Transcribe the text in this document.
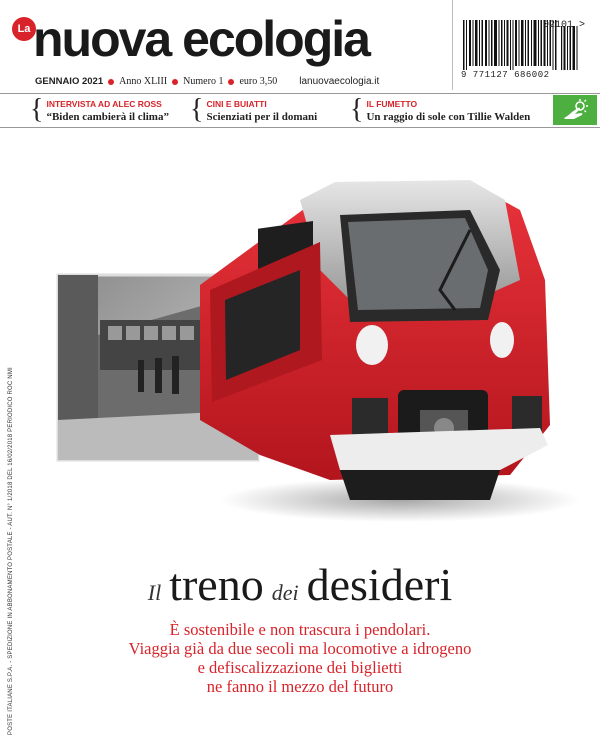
La nuova ecologia
GENNAIO 2021 Anno XLIII Numero 1 euro 3,50 lanuovaecologia.it
02101 >
9 771127 686002
{ INTERVISTA AD ALEC ROSS
“Biden cambierà il clima” { CINI E BUIATTI
Scienziati per il domani { IL FUMETTO
Un raggio di sole con Tillie Walden
POSTE ITALIANE S.P.A. - SPEDIZIONE IN ABBONAMENTO POSTALE - AUT. N° 1/2018 DEL 16/02/2018 PERIODICO ROC NMI	Il treno dei desideri
È sostenibile e non trascura i pendolari.
Viaggia già da due secoli ma locomotive a idrogeno
e defiscalizzazione dei biglietti
ne fanno il mezzo del futuro
